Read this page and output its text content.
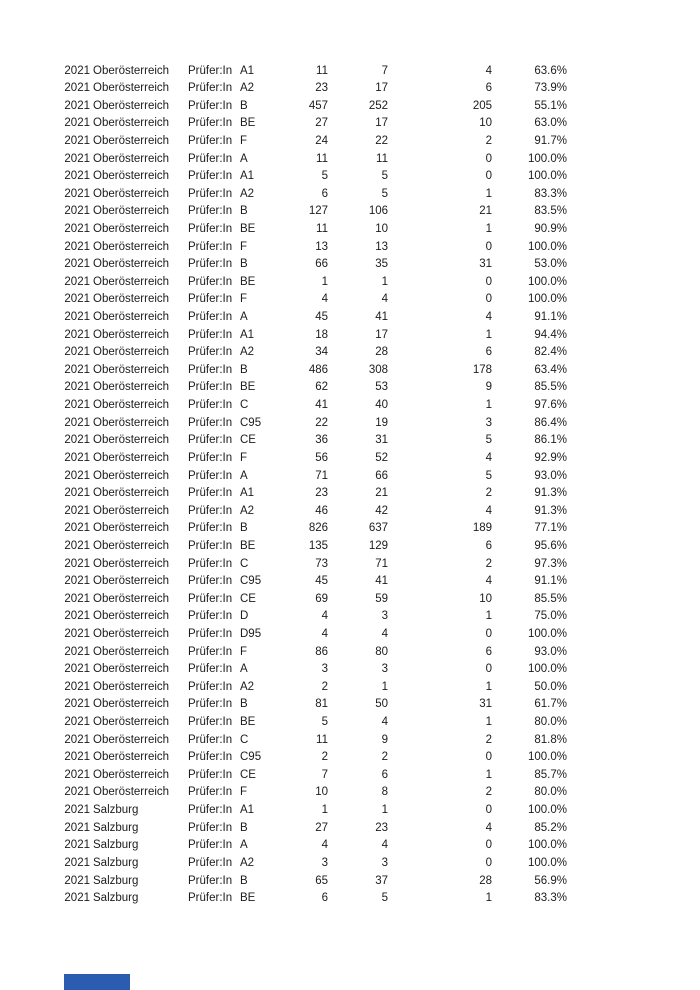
2021 Oberösterreich	Prüfer:In A1	11	7	4	63.6%
2021 Oberösterreich	Prüfer:In A2	23	17	6	73.9%
2021 Oberösterreich	Prüfer:In B	457	252	205	55.1%
2021 Oberösterreich	Prüfer:In BE	27	17	10	63.0%
2021 Oberösterreich	Prüfer:In F	24	22	2	91.7%
2021 Oberösterreich	Prüfer:In A	11	11	0	100.0%
2021 Oberösterreich	Prüfer:In A1	5	5	0	100.0%
2021 Oberösterreich	Prüfer:In A2	6	5	1	83.3%
2021 Oberösterreich	Prüfer:In B	127	106	21	83.5%
2021 Oberösterreich	Prüfer:In BE	11	10	1	90.9%
2021 Oberösterreich	Prüfer:In F	13	13	0	100.0%
2021 Oberösterreich	Prüfer:In B	66	35	31	53.0%
2021 Oberösterreich	Prüfer:In BE	1	1	0	100.0%
2021 Oberösterreich	Prüfer:In F	4	4	0	100.0%
2021 Oberösterreich	Prüfer:In A	45	41	4	91.1%
2021 Oberösterreich	Prüfer:In A1	18	17	1	94.4%
2021 Oberösterreich	Prüfer:In A2	34	28	6	82.4%
2021 Oberösterreich	Prüfer:In B	486	308	178	63.4%
2021 Oberösterreich	Prüfer:In BE	62	53	9	85.5%
2021 Oberösterreich	Prüfer:In C	41	40	1	97.6%
2021 Oberösterreich	Prüfer:In C95	22	19	3	86.4%
2021 Oberösterreich	Prüfer:In CE	36	31	5	86.1%
2021 Oberösterreich	Prüfer:In F	56	52	4	92.9%
2021 Oberösterreich	Prüfer:In A	71	66	5	93.0%
2021 Oberösterreich	Prüfer:In A1	23	21	2	91.3%
2021 Oberösterreich	Prüfer:In A2	46	42	4	91.3%
2021 Oberösterreich	Prüfer:In B	826	637	189	77.1%
2021 Oberösterreich	Prüfer:In BE	135	129	6	95.6%
2021 Oberösterreich	Prüfer:In C	73	71	2	97.3%
2021 Oberösterreich	Prüfer:In C95	45	41	4	91.1%
2021 Oberösterreich	Prüfer:In CE	69	59	10	85.5%
2021 Oberösterreich	Prüfer:In D	4	3	1	75.0%
2021 Oberösterreich	Prüfer:In D95	4	4	0	100.0%
2021 Oberösterreich	Prüfer:In F	86	80	6	93.0%
2021 Oberösterreich	Prüfer:In A	3	3	0	100.0%
2021 Oberösterreich	Prüfer:In A2	2	1	1	50.0%
2021 Oberösterreich	Prüfer:In B	81	50	31	61.7%
2021 Oberösterreich	Prüfer:In BE	5	4	1	80.0%
2021 Oberösterreich	Prüfer:In C	11	9	2	81.8%
2021 Oberösterreich	Prüfer:In C95	2	2	0	100.0%
2021 Oberösterreich	Prüfer:In CE	7	6	1	85.7%
2021 Oberösterreich	Prüfer:In F	10	8	2	80.0%
2021 Salzburg	Prüfer:In A1	1	1	0	100.0%
2021 Salzburg	Prüfer:In B	27	23	4	85.2%
2021 Salzburg	Prüfer:In A	4	4	0	100.0%
2021 Salzburg	Prüfer:In A2	3	3	0	100.0%
2021 Salzburg	Prüfer:In B	65	37	28	56.9%
2021 Salzburg	Prüfer:In BE	6	5	1	83.3%
